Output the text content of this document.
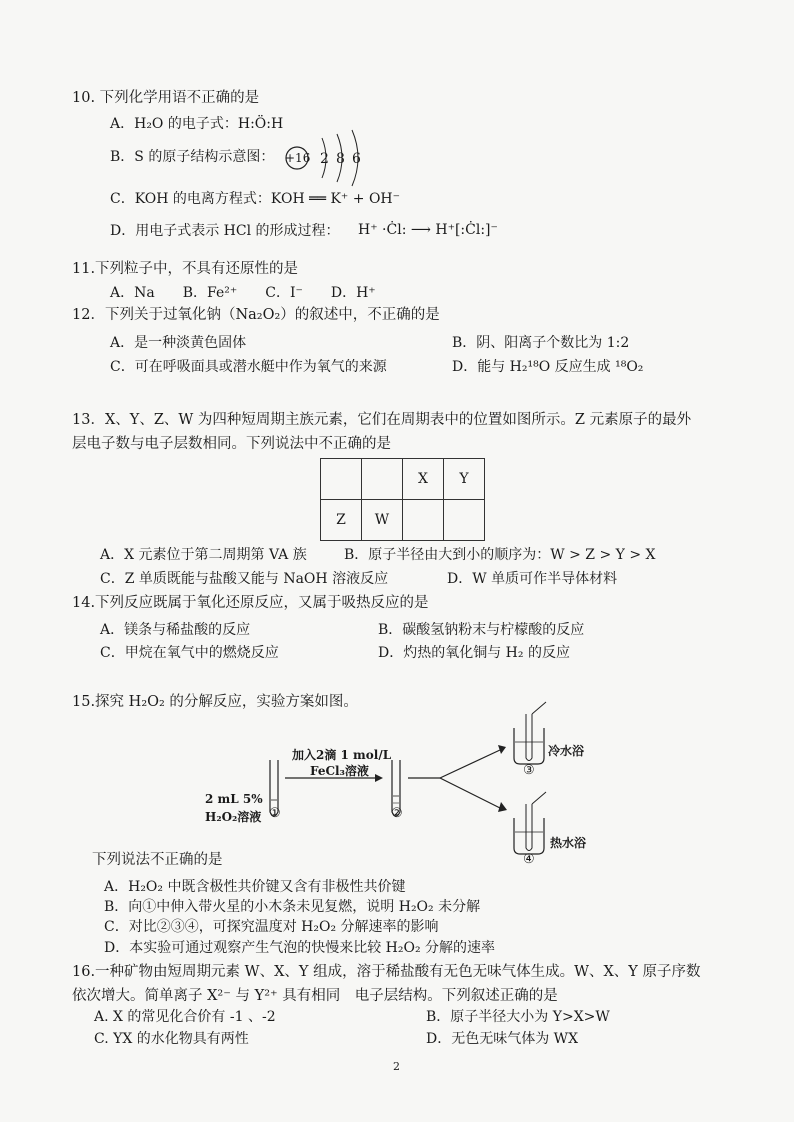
10. 下列化学用语不正确的是
A．H₂O 的电子式：H:Ö:H
B．S 的原子结构示意图： +16 2 8 6
C．KOH 的电离方程式：KOH ══ K⁺ + OH⁻
D．用电子式表示 HCl 的形成过程： H⁺ ·Ċl: ⟶ H⁺[:Ċl:]⁻
11.下列粒子中，不具有还原性的是
A．Na　　B．Fe²⁺　　C．I⁻　　D．H⁺
12．下列关于过氧化钠（Na₂O₂）的叙述中，不正确的是
A．是一种淡黄色固体	B．阴、阳离子个数比为 1:2
C．可在呼吸面具或潜水艇中作为氧气的来源	D．能与 H₂¹⁸O 反应生成 ¹⁸O₂
13．X、Y、Z、W 为四种短周期主族元素，它们在周期表中的位置如图所示。Z 元素原子的最外
层电子数与电子层数相同。下列说法中不正确的是
		X	Y
Z	W		
A．X 元素位于第二周期第 VA 族	B．原子半径由大到小的顺序为：W > Z > Y > X
C．Z 单质既能与盐酸又能与 NaOH 溶液反应	D．W 单质可作半导体材料
14.下列反应既属于氧化还原反应，又属于吸热反应的是
A．镁条与稀盐酸的反应	B．碳酸氢钠粉末与柠檬酸的反应
C．甲烷在氧气中的燃烧反应	D．灼热的氧化铜与 H₂ 的反应
15.探究 H₂O₂ 的分解反应，实验方案如图。
加入2滴 1 mol/L
FeCl₃溶液
2 mL 5%
H₂O₂溶液 ①	②
③
④
冷水浴
热水浴
下列说法不正确的是
A．H₂O₂ 中既含极性共价键又含有非极性共价键
B．向①中伸入带火星的小木条未见复燃，说明 H₂O₂ 未分解
C．对比②③④，可探究温度对 H₂O₂ 分解速率的影响
D．本实验可通过观察产生气泡的快慢来比较 H₂O₂ 分解的速率
16.一种矿物由短周期元素 W、X、Y 组成，溶于稀盐酸有无色无味气体生成。W、X、Y 原子序数
依次增大。简单离子 X²⁻ 与 Y²⁺ 具有相同　电子层结构。下列叙述正确的是
A. X 的常见化合价有 -1 、-2	B．原子半径大小为 Y>X>W
C. YX 的水化物具有两性	D．无色无味气体为 WX
2
